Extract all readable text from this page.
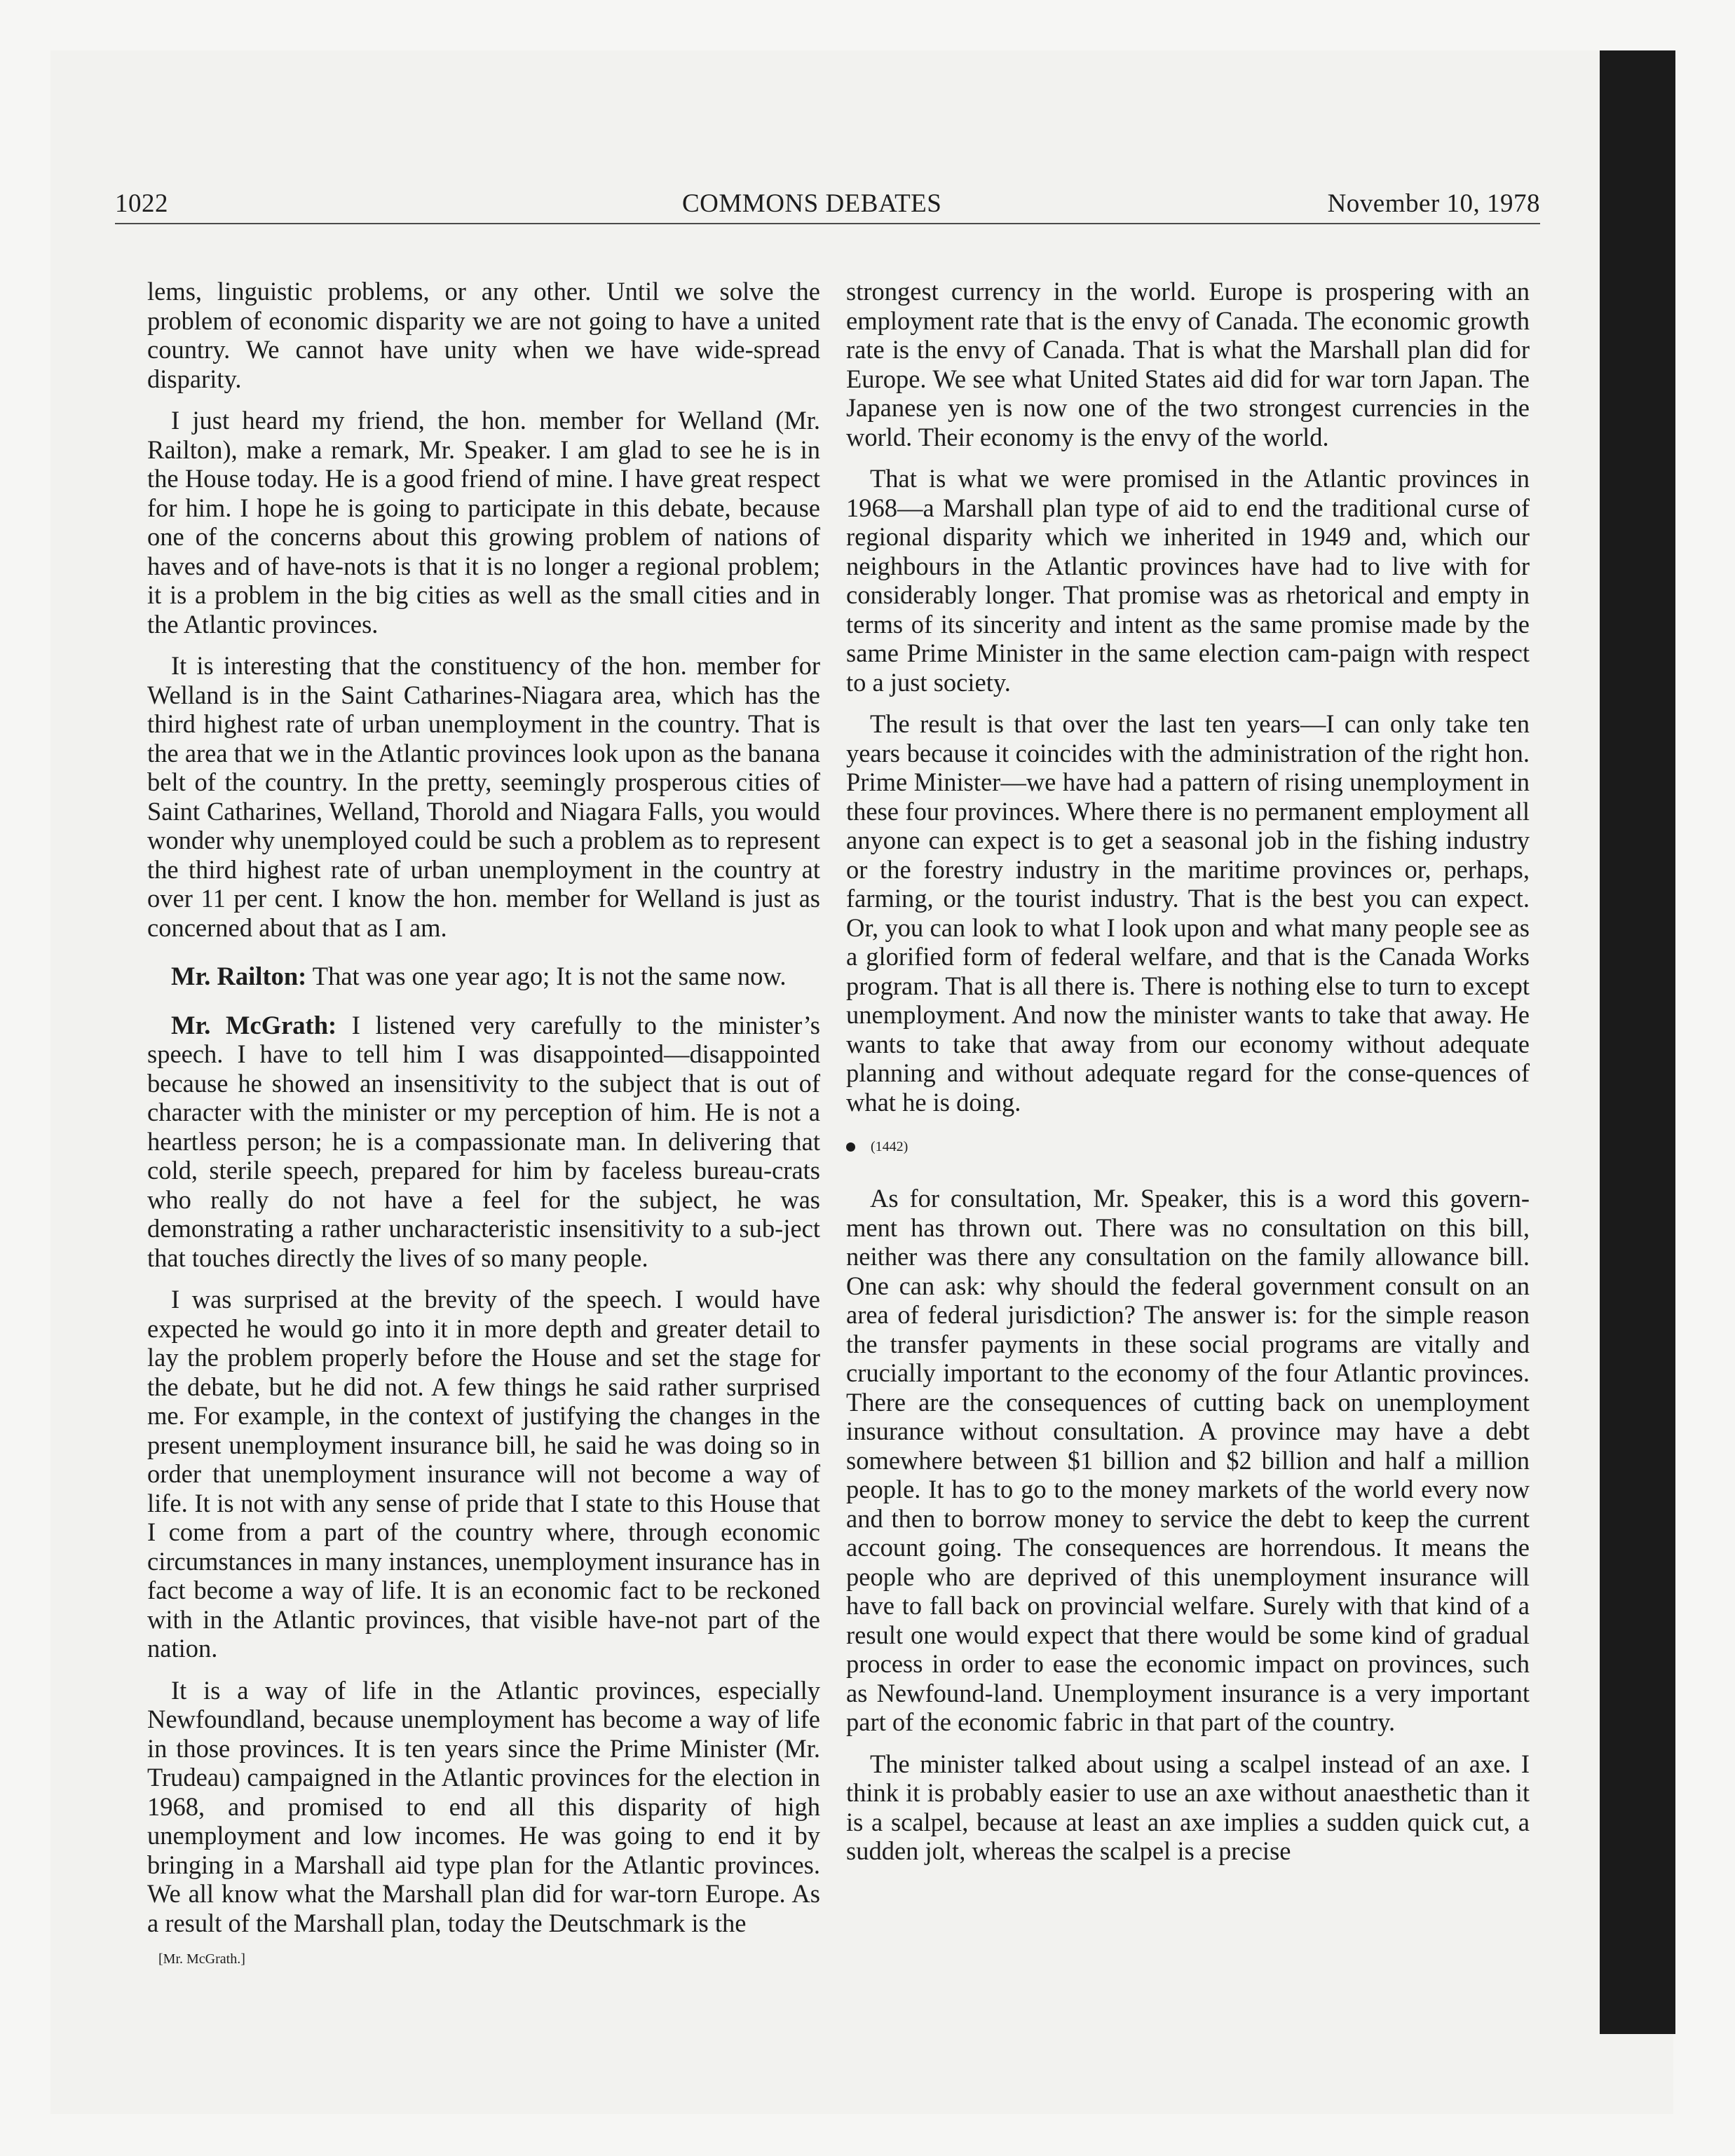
1022	COMMONS DEBATES	November 10, 1978

lems, linguistic problems, or any other. Until we solve the problem of economic disparity we are not going to have a united country. We cannot have unity when we have wide-spread disparity.

I just heard my friend, the hon. member for Welland (Mr. Railton), make a remark, Mr. Speaker. I am glad to see he is in the House today. He is a good friend of mine. I have great respect for him. I hope he is going to participate in this debate, because one of the concerns about this growing problem of nations of haves and of have-nots is that it is no longer a regional problem; it is a problem in the big cities as well as the small cities and in the Atlantic provinces.

It is interesting that the constituency of the hon. member for Welland is in the Saint Catharines-Niagara area, which has the third highest rate of urban unemployment in the country. That is the area that we in the Atlantic provinces look upon as the banana belt of the country. In the pretty, seemingly prosperous cities of Saint Catharines, Welland, Thorold and Niagara Falls, you would wonder why unemployed could be such a problem as to represent the third highest rate of urban unemployment in the country at over 11 per cent. I know the hon. member for Welland is just as concerned about that as I am.

Mr. Railton: That was one year ago; It is not the same now.

Mr. McGrath: I listened very carefully to the minister’s speech. I have to tell him I was disappointed—disappointed because he showed an insensitivity to the subject that is out of character with the minister or my perception of him. He is not a heartless person; he is a compassionate man. In delivering that cold, sterile speech, prepared for him by faceless bureau-crats who really do not have a feel for the subject, he was demonstrating a rather uncharacteristic insensitivity to a sub-ject that touches directly the lives of so many people.

I was surprised at the brevity of the speech. I would have expected he would go into it in more depth and greater detail to lay the problem properly before the House and set the stage for the debate, but he did not. A few things he said rather surprised me. For example, in the context of justifying the changes in the present unemployment insurance bill, he said he was doing so in order that unemployment insurance will not become a way of life. It is not with any sense of pride that I state to this House that I come from a part of the country where, through economic circumstances in many instances, unemployment insurance has in fact become a way of life. It is an economic fact to be reckoned with in the Atlantic provinces, that visible have-not part of the nation.

It is a way of life in the Atlantic provinces, especially Newfoundland, because unemployment has become a way of life in those provinces. It is ten years since the Prime Minister (Mr. Trudeau) campaigned in the Atlantic provinces for the election in 1968, and promised to end all this disparity of high unemployment and low incomes. He was going to end it by bringing in a Marshall aid type plan for the Atlantic provinces. We all know what the Marshall plan did for war-torn Europe. As a result of the Marshall plan, today the Deutschmark is the

[Mr. McGrath.]

strongest currency in the world. Europe is prospering with an employment rate that is the envy of Canada. The economic growth rate is the envy of Canada. That is what the Marshall plan did for Europe. We see what United States aid did for war torn Japan. The Japanese yen is now one of the two strongest currencies in the world. Their economy is the envy of the world.

That is what we were promised in the Atlantic provinces in 1968—a Marshall plan type of aid to end the traditional curse of regional disparity which we inherited in 1949 and, which our neighbours in the Atlantic provinces have had to live with for considerably longer. That promise was as rhetorical and empty in terms of its sincerity and intent as the same promise made by the same Prime Minister in the same election cam-paign with respect to a just society.

The result is that over the last ten years—I can only take ten years because it coincides with the administration of the right hon. Prime Minister—we have had a pattern of rising unemployment in these four provinces. Where there is no permanent employment all anyone can expect is to get a seasonal job in the fishing industry or the forestry industry in the maritime provinces or, perhaps, farming, or the tourist industry. That is the best you can expect. Or, you can look to what I look upon and what many people see as a glorified form of federal welfare, and that is the Canada Works program. That is all there is. There is nothing else to turn to except unemployment. And now the minister wants to take that away. He wants to take that away from our economy without adequate planning and without adequate regard for the conse-quences of what he is doing.

(1442)

As for consultation, Mr. Speaker, this is a word this govern-ment has thrown out. There was no consultation on this bill, neither was there any consultation on the family allowance bill. One can ask: why should the federal government consult on an area of federal jurisdiction? The answer is: for the simple reason the transfer payments in these social programs are vitally and crucially important to the economy of the four Atlantic provinces. There are the consequences of cutting back on unemployment insurance without consultation. A province may have a debt somewhere between $1 billion and $2 billion and half a million people. It has to go to the money markets of the world every now and then to borrow money to service the debt to keep the current account going. The consequences are horrendous. It means the people who are deprived of this unemployment insurance will have to fall back on provincial welfare. Surely with that kind of a result one would expect that there would be some kind of gradual process in order to ease the economic impact on provinces, such as Newfound-land. Unemployment insurance is a very important part of the economic fabric in that part of the country.

The minister talked about using a scalpel instead of an axe. I think it is probably easier to use an axe without anaesthetic than it is a scalpel, because at least an axe implies a sudden quick cut, a sudden jolt, whereas the scalpel is a precise
